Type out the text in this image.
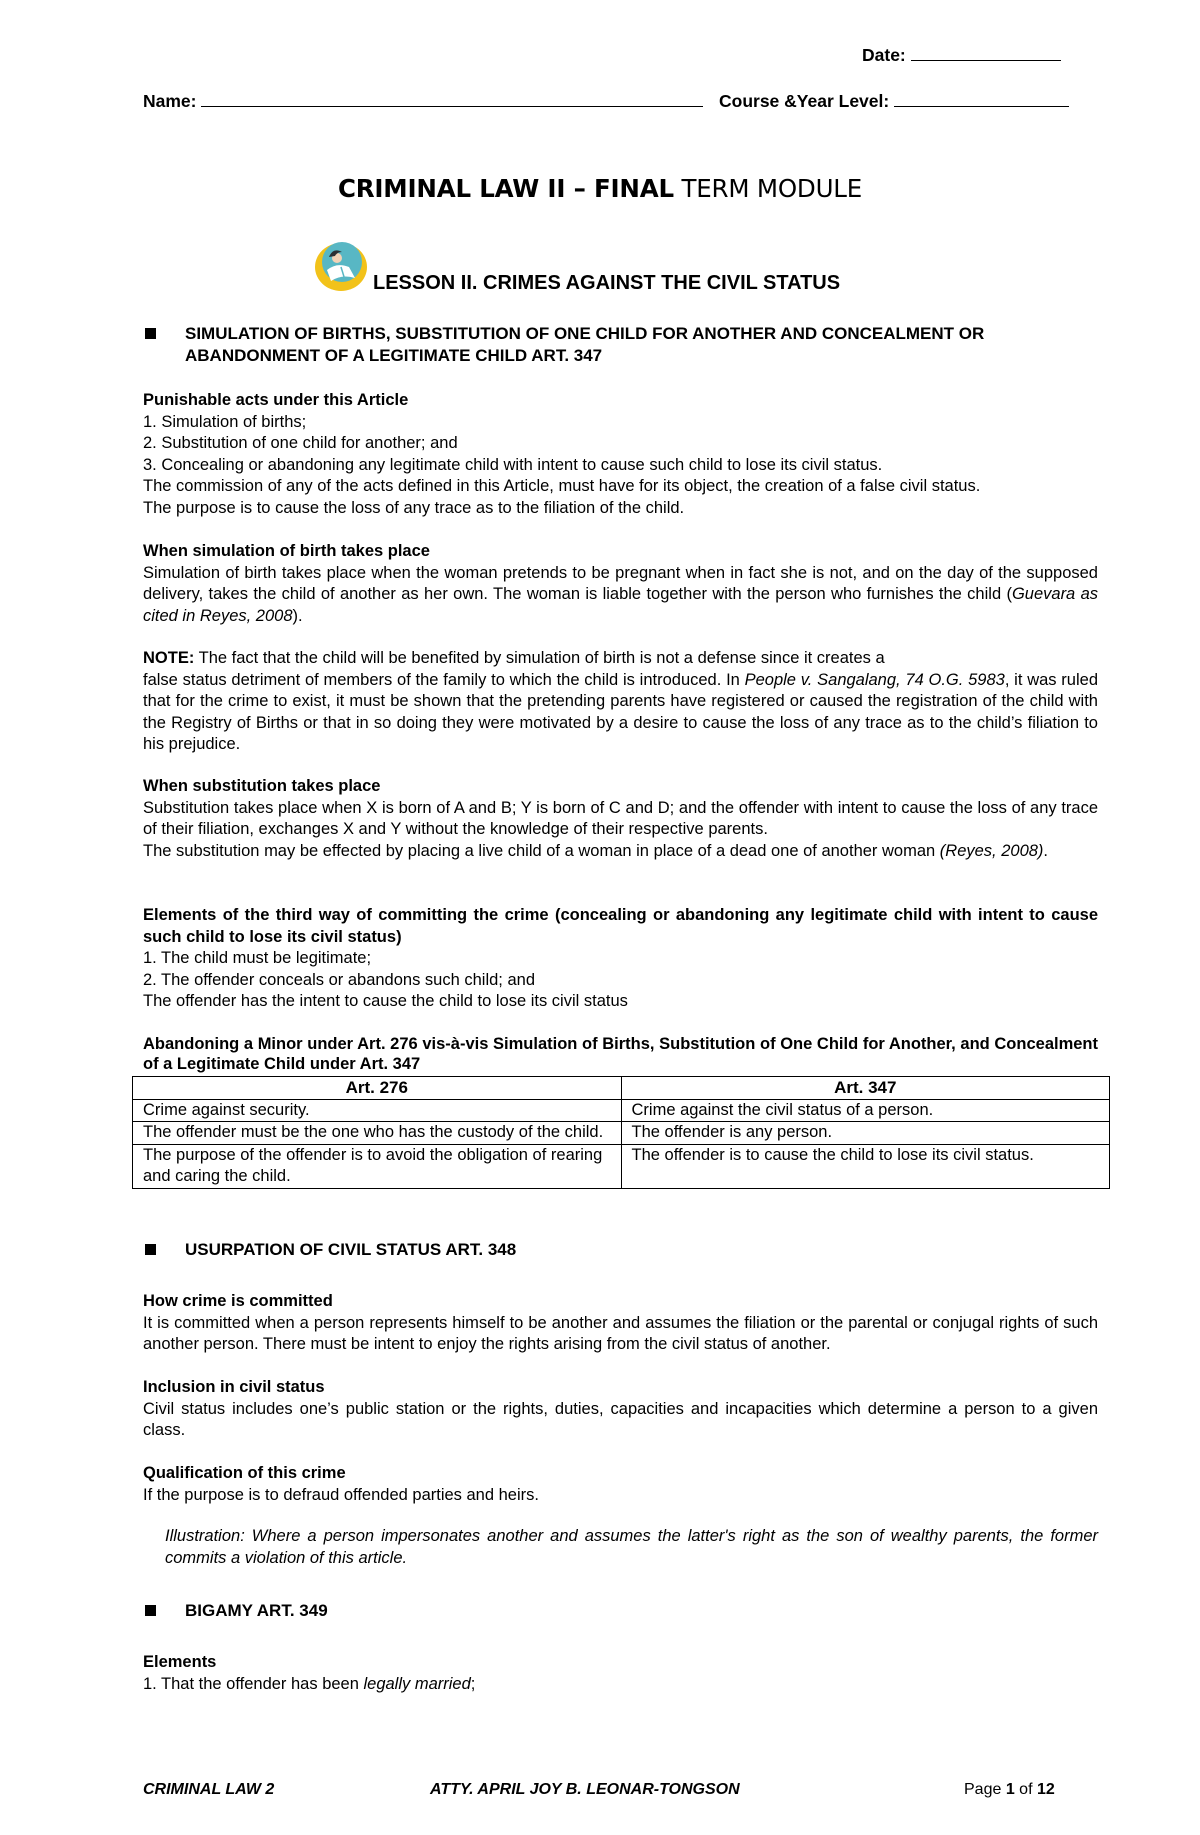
Date:
Name:	Course &Year Level:
CRIMINAL LAW II – FINAL TERM MODULE
LESSON II. CRIMES AGAINST THE CIVIL STATUS
SIMULATION OF BIRTHS, SUBSTITUTION OF ONE CHILD FOR ANOTHER AND CONCEALMENT OR ABANDONMENT OF A LEGITIMATE CHILD ART. 347
Punishable acts under this Article
1. Simulation of births;
2. Substitution of one child for another; and
3. Concealing or abandoning any legitimate child with intent to cause such child to lose its civil status.
The commission of any of the acts defined in this Article, must have for its object, the creation of a false civil status.
The purpose is to cause the loss of any trace as to the filiation of the child.
When simulation of birth takes place
Simulation of birth takes place when the woman pretends to be pregnant when in fact she is not, and on the day of the supposed delivery, takes the child of another as her own. The woman is liable together with the person who furnishes the child (Guevara as cited in Reyes, 2008).
NOTE: The fact that the child will be benefited by simulation of birth is not a defense since it creates a
false status detriment of members of the family to which the child is introduced. In People v. Sangalang, 74 O.G. 5983, it was ruled that for the crime to exist, it must be shown that the pretending parents have registered or caused the registration of the child with the Registry of Births or that in so doing they were motivated by a desire to cause the loss of any trace as to the child’s filiation to his prejudice.
When substitution takes place
Substitution takes place when X is born of A and B; Y is born of C and D; and the offender with intent to cause the loss of any trace of their filiation, exchanges X and Y without the knowledge of their respective parents.
The substitution may be effected by placing a live child of a woman in place of a dead one of another woman (Reyes, 2008).
Elements of the third way of committing the crime (concealing or abandoning any legitimate child with intent to cause such child to lose its civil status)
1. The child must be legitimate;
2. The offender conceals or abandons such child; and
The offender has the intent to cause the child to lose its civil status
Abandoning a Minor under Art. 276 vis-à-vis Simulation of Births, Substitution of One Child for Another, and Concealment of a Legitimate Child under Art. 347
Art. 276	Art. 347
Crime against security.	Crime against the civil status of a person.
The offender must be the one who has the custody of the child.	The offender is any person.
The purpose of the offender is to avoid the obligation of rearing and caring the child.	The offender is to cause the child to lose its civil status.
USURPATION OF CIVIL STATUS ART. 348
How crime is committed
It is committed when a person represents himself to be another and assumes the filiation or the parental or conjugal rights of such another person. There must be intent to enjoy the rights arising from the civil status of another.
Inclusion in civil status
Civil status includes one’s public station or the rights, duties, capacities and incapacities which determine a person to a given class.
Qualification of this crime
If the purpose is to defraud offended parties and heirs.
Illustration: Where a person impersonates another and assumes the latter's right as the son of wealthy parents, the former commits a violation of this article.
BIGAMY ART. 349
Elements
1. That the offender has been legally married;
CRIMINAL LAW 2	ATTY. APRIL JOY B. LEONAR-TONGSON	Page 1 of 12
